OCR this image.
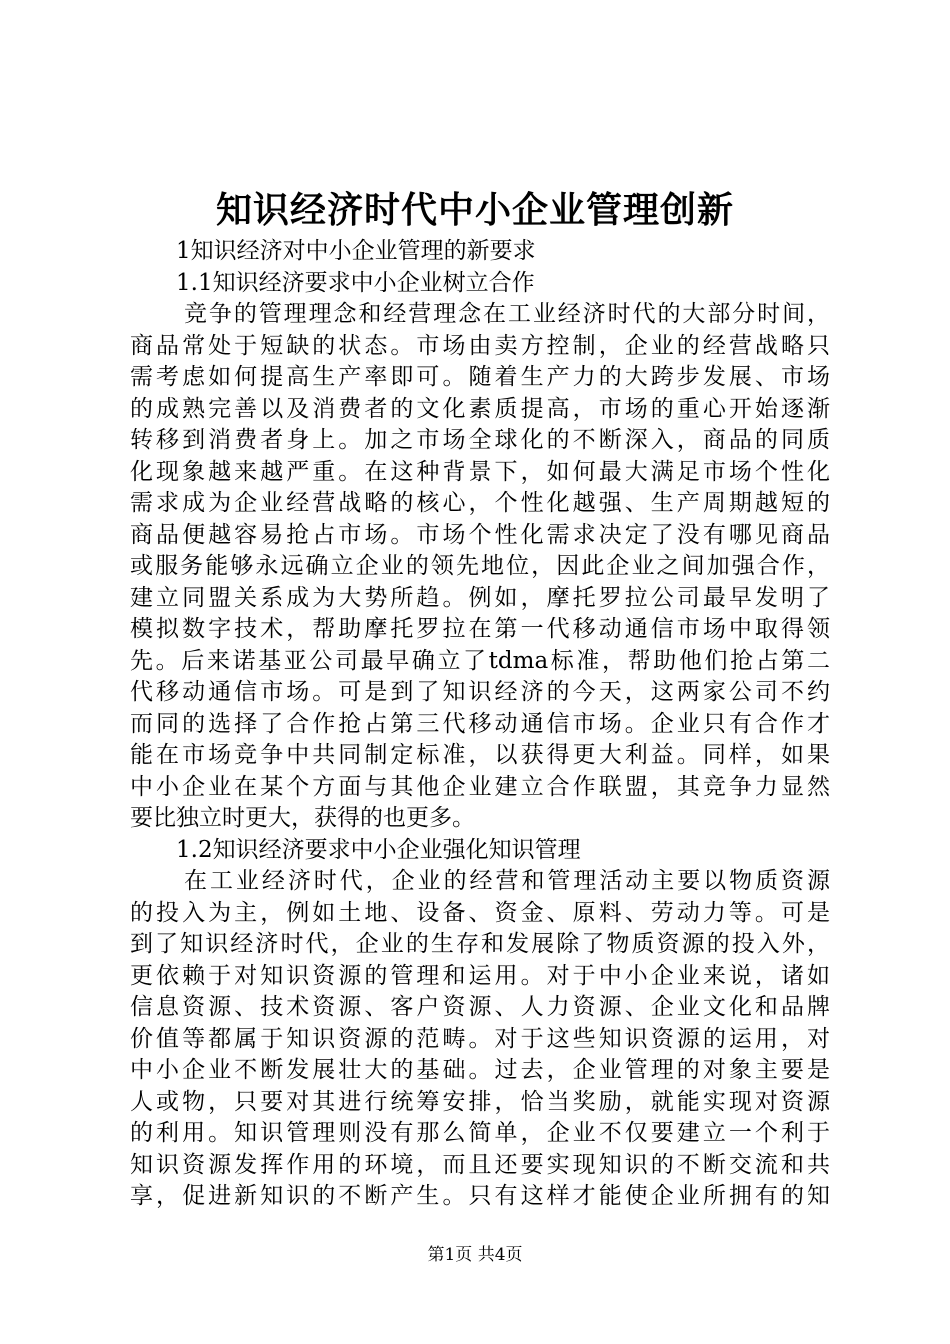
知识经济时代中小企业管理创新

1知识经济对中小企业管理的新要求

1.1知识经济要求中小企业树立合作

竞争的管理理念和经营理念在工业经济时代的大部分时间，

商品常处于短缺的状态。市场由卖方控制，企业的经营战略只

需考虑如何提高生产率即可。随着生产力的大跨步发展、市场

的成熟完善以及消费者的文化素质提高，市场的重心开始逐渐

转移到消费者身上。加之市场全球化的不断深入，商品的同质

化现象越来越严重。在这种背景下，如何最大满足市场个性化

需求成为企业经营战略的核心，个性化越强、生产周期越短的

商品便越容易抢占市场。市场个性化需求决定了没有哪见商品

或服务能够永远确立企业的领先地位，因此企业之间加强合作，

建立同盟关系成为大势所趋。例如，摩托罗拉公司最早发明了

模拟数字技术，帮助摩托罗拉在第一代移动通信市场中取得领

先。后来诺基亚公司最早确立了tdma标准，帮助他们抢占第二

代移动通信市场。可是到了知识经济的今天，这两家公司不约

而同的选择了合作抢占第三代移动通信市场。企业只有合作才

能在市场竞争中共同制定标准，以获得更大利益。同样，如果

中小企业在某个方面与其他企业建立合作联盟，其竞争力显然

要比独立时更大，获得的也更多。

1.2知识经济要求中小企业强化知识管理

在工业经济时代，企业的经营和管理活动主要以物质资源

的投入为主，例如土地、设备、资金、原料、劳动力等。可是

到了知识经济时代，企业的生存和发展除了物质资源的投入外，

更依赖于对知识资源的管理和运用。对于中小企业来说，诸如

信息资源、技术资源、客户资源、人力资源、企业文化和品牌

价值等都属于知识资源的范畴。对于这些知识资源的运用，对

中小企业不断发展壮大的基础。过去，企业管理的对象主要是

人或物，只要对其进行统筹安排，恰当奖励，就能实现对资源

的利用。知识管理则没有那么简单，企业不仅要建立一个利于

知识资源发挥作用的环境，而且还要实现知识的不断交流和共

享，促进新知识的不断产生。只有这样才能使企业所拥有的知

第1页 共4页
